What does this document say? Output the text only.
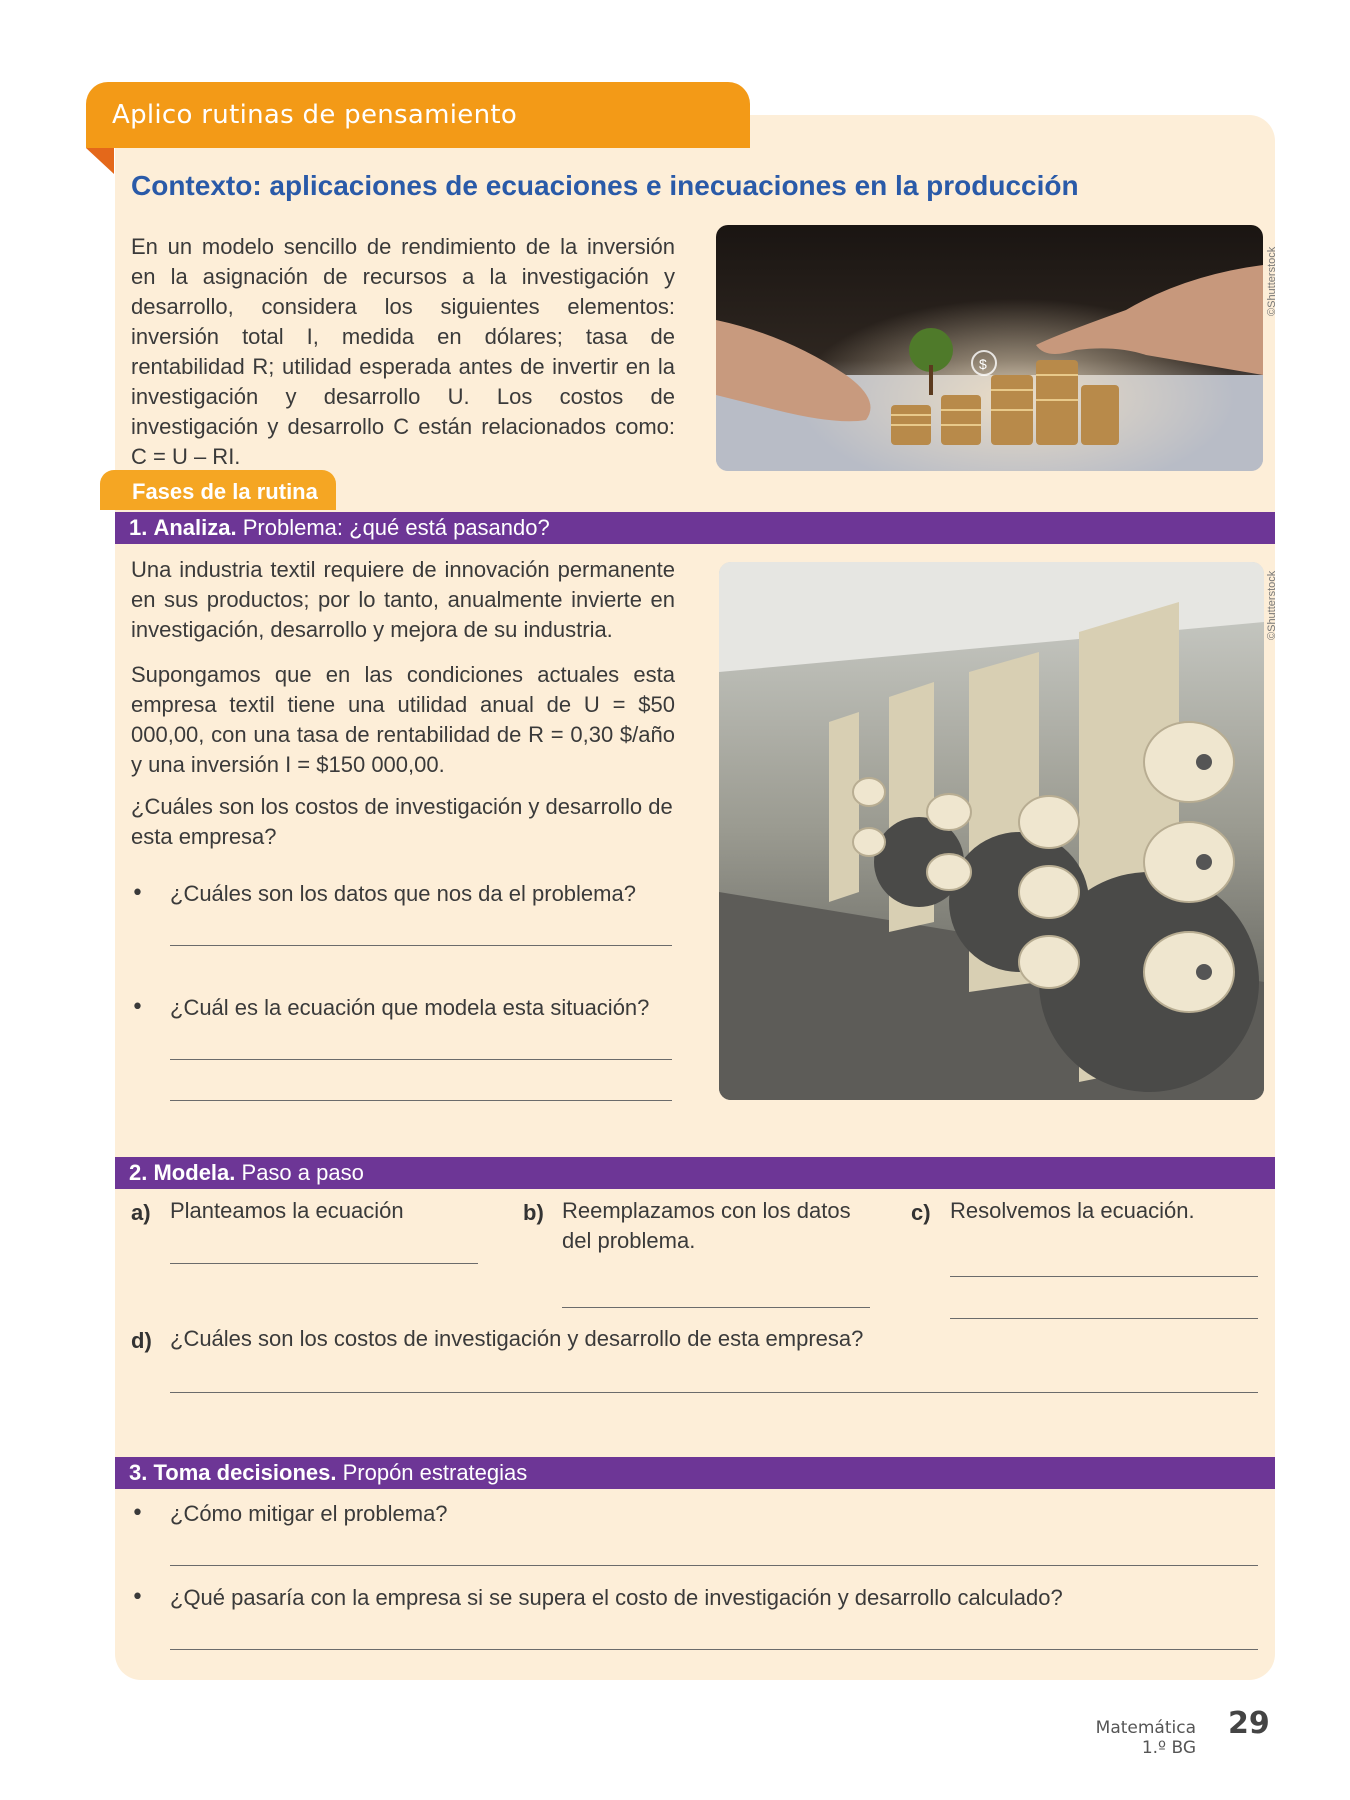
Aplico rutinas de pensamiento
Contexto: aplicaciones de ecuaciones e inecuaciones en la producción

En un modelo sencillo de rendimiento de la inversión en la asignación de recursos a la investigación y desarrollo, considera los siguientes elementos: inversión total I, medida en dólares; tasa de rentabilidad R; utilidad esperada antes de invertir en la investigación y desarrollo U. Los costos de investigación y desarrollo C están relacionados como: C = U – RI.

$
©Shutterstock
Fases de la rutina
1. Analiza. Problema: ¿qué está pasando?

Una industria textil requiere de innovación permanente en sus productos; por lo tanto, anualmente invierte en investigación, desarrollo y mejora de su industria.

Supongamos que en las condiciones actuales esta empresa textil tiene una utilidad anual de U = $50 000,00, con una tasa de rentabilidad de R = 0,30 $/año y una inversión I = $150 000,00.

¿Cuáles son los costos de investigación y desarrollo de esta empresa?

• ¿Cuáles son los datos que nos da el problema?
• ¿Cuál es la ecuación que modela esta situación?
©Shutterstock
2. Modela. Paso a paso
a) Planteamos la ecuación	b) Reemplazamos con los datos del problema.
c) Resolvemos la ecuación.
d) ¿Cuáles son los costos de investigación y desarrollo de esta empresa?
3. Toma decisiones. Propón estrategias
• ¿Cómo mitigar el problema?
• ¿Qué pasaría con la empresa si se supera el costo de investigación y desarrollo calculado?
Matemática
1.º BG
29
